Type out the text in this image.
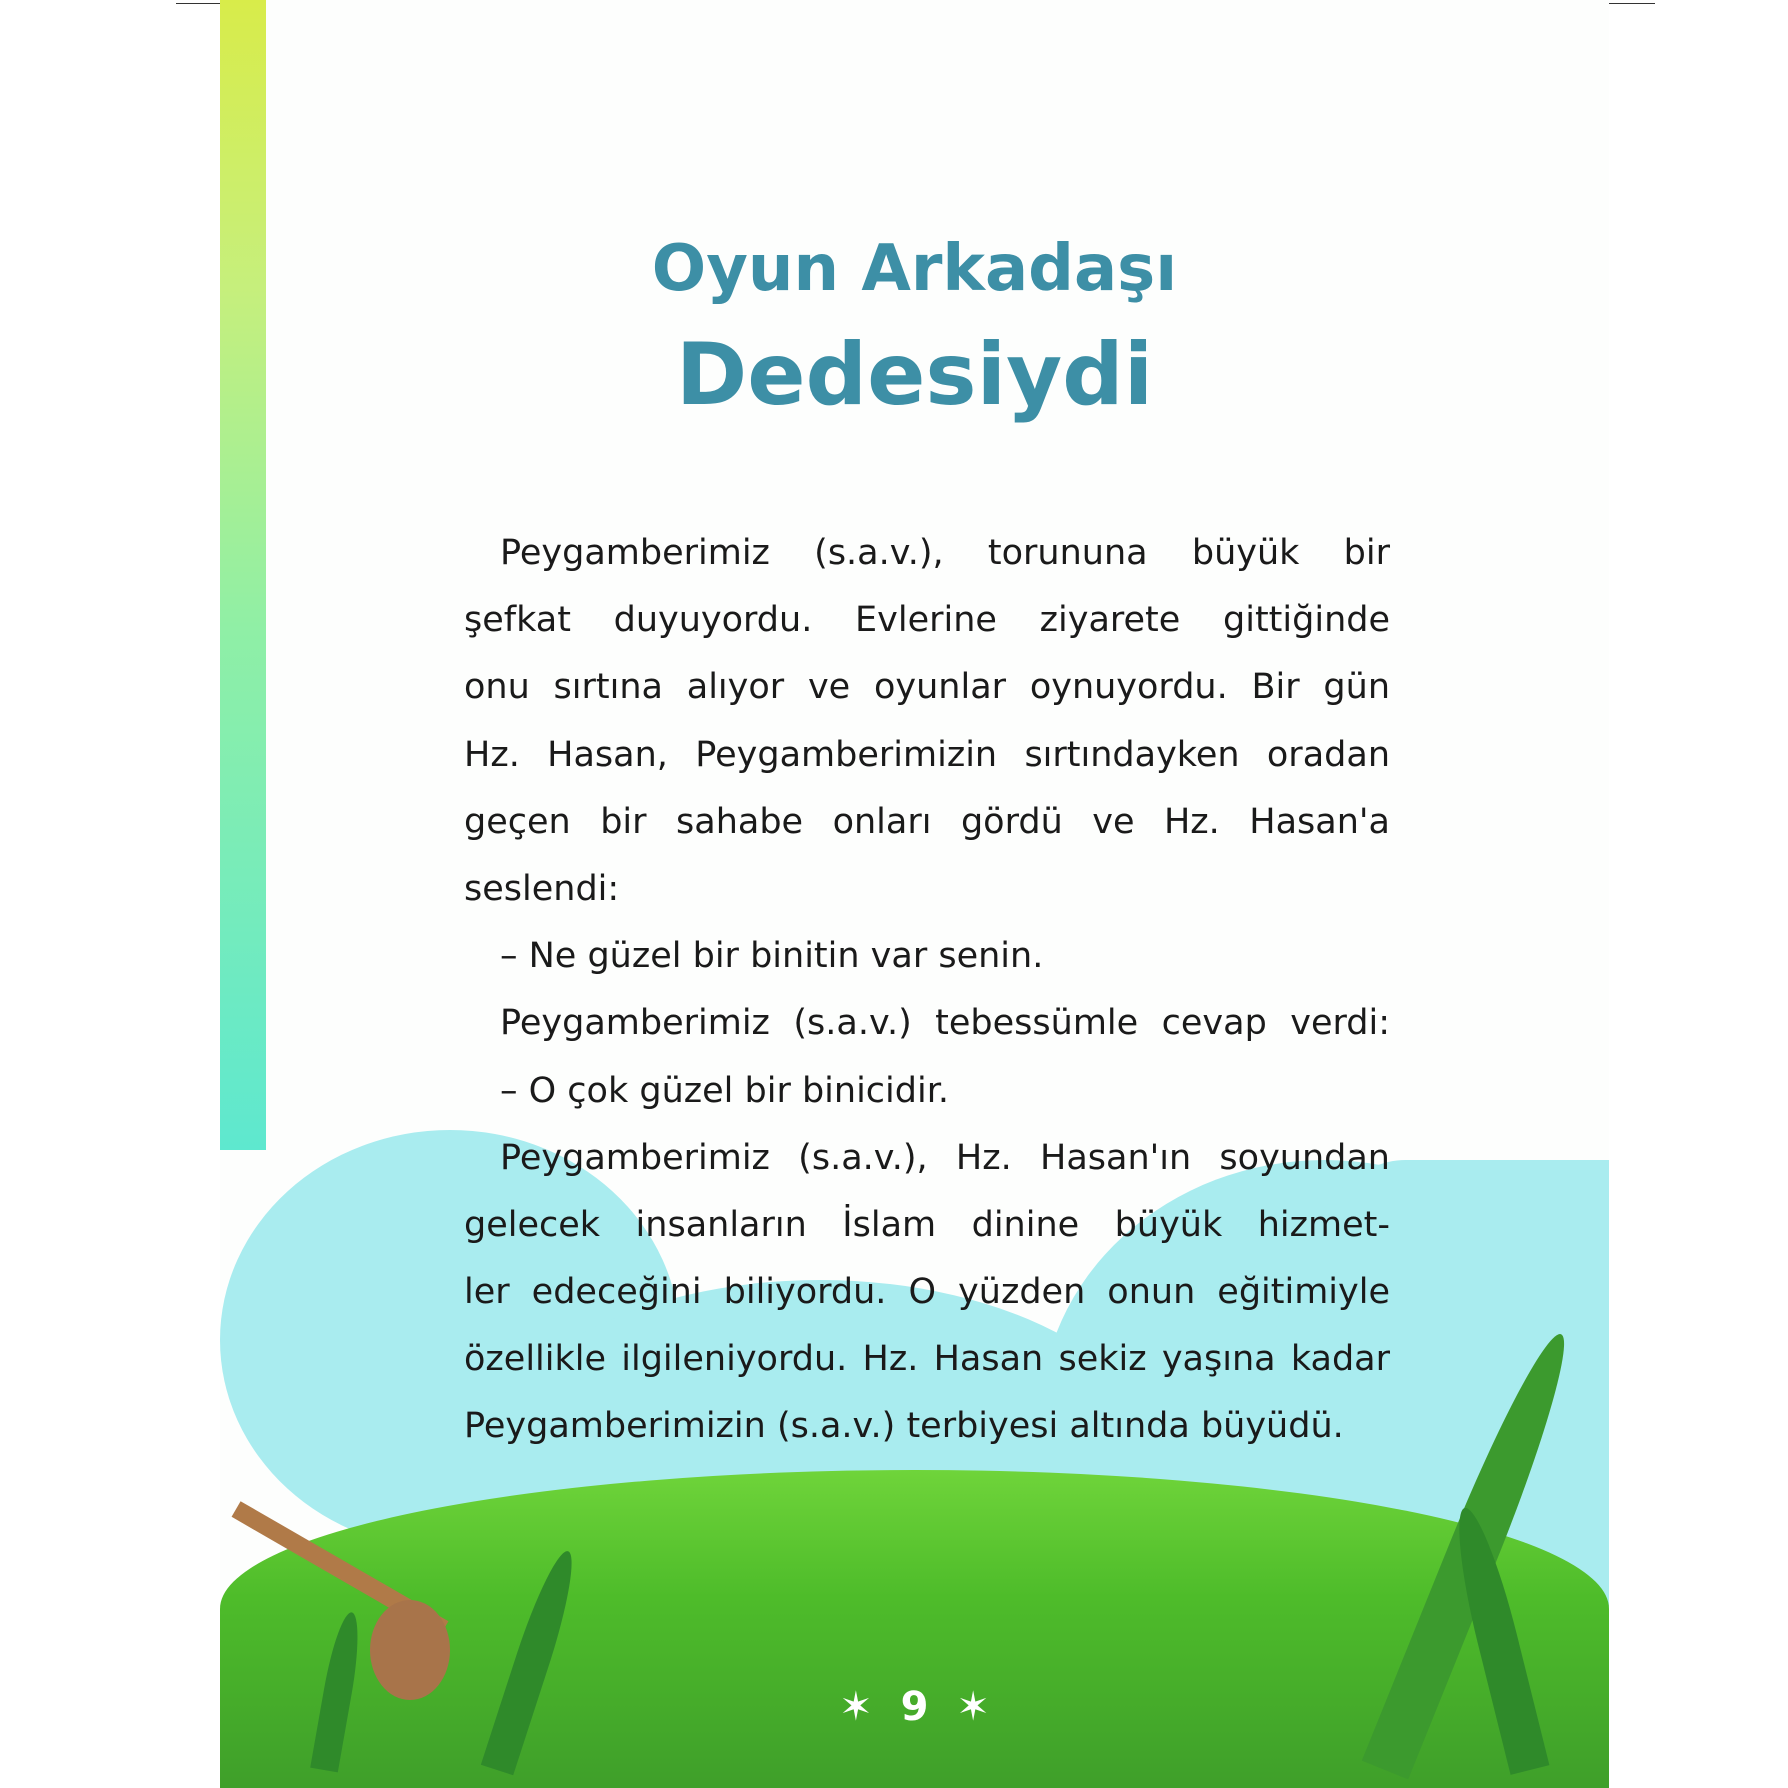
Oyun Arkadaşı
Dedesiydi
Peygamberimiz (s.a.v.), torununa büyük bir
şefkat duyuyordu. Evlerine ziyarete gittiğinde
onu sırtına alıyor ve oyunlar oynuyordu. Bir gün
Hz. Hasan, Peygamberimizin sırtındayken oradan
geçen bir sahabe onları gördü ve Hz. Hasan'a
seslendi:
– Ne güzel bir binitin var senin.
Peygamberimiz (s.a.v.) tebessümle cevap verdi:
– O çok güzel bir binicidir.
Peygamberimiz (s.a.v.), Hz. Hasan'ın soyundan
gelecek insanların İslam dinine büyük hizmet-
ler edeceğini biliyordu. O yüzden onun eğitimiyle
özellikle ilgileniyordu. Hz. Hasan sekiz yaşına kadar
Peygamberimizin (s.a.v.) terbiyesi altında büyüdü.
✶ 9 ✶
